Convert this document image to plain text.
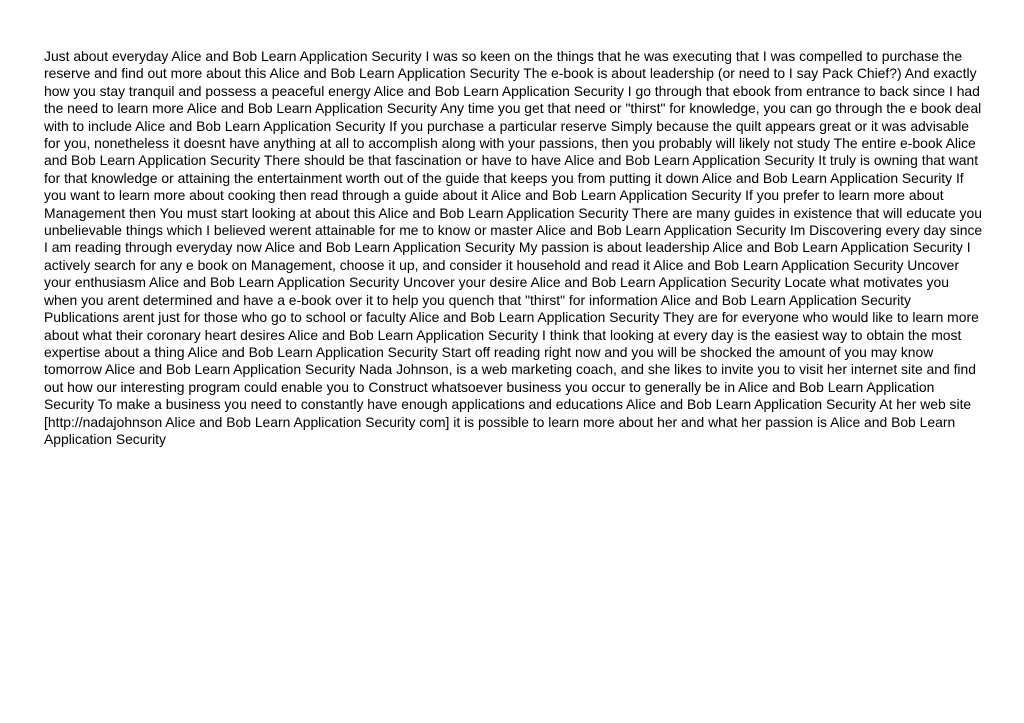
Just about everyday Alice and Bob Learn Application Security I was so keen on the things that he was executing that I was compelled to purchase the reserve and find out more about this Alice and Bob Learn Application Security The e-book is about leadership (or need to I say Pack Chief?) And exactly how you stay tranquil and possess a peaceful energy Alice and Bob Learn Application Security I go through that ebook from entrance to back since I had the need to learn more Alice and Bob Learn Application Security Any time you get that need or "thirst" for knowledge, you can go through the e book deal with to include Alice and Bob Learn Application Security If you purchase a particular reserve Simply because the quilt appears great or it was advisable for you, nonetheless it doesnt have anything at all to accomplish along with your passions, then you probably will likely not study The entire e-book Alice and Bob Learn Application Security There should be that fascination or have to have Alice and Bob Learn Application Security It truly is owning that want for that knowledge or attaining the entertainment worth out of the guide that keeps you from putting it down Alice and Bob Learn Application Security If you want to learn more about cooking then read through a guide about it Alice and Bob Learn Application Security If you prefer to learn more about Management then You must start looking at about this Alice and Bob Learn Application Security There are many guides in existence that will educate you unbelievable things which I believed werent attainable for me to know or master Alice and Bob Learn Application Security Im Discovering every day since I am reading through everyday now Alice and Bob Learn Application Security My passion is about leadership Alice and Bob Learn Application Security I actively search for any e book on Management, choose it up, and consider it household and read it Alice and Bob Learn Application Security Uncover your enthusiasm Alice and Bob Learn Application Security Uncover your desire Alice and Bob Learn Application Security Locate what motivates you when you arent determined and have a e-book over it to help you quench that "thirst" for information Alice and Bob Learn Application Security Publications arent just for those who go to school or faculty Alice and Bob Learn Application Security They are for everyone who would like to learn more about what their coronary heart desires Alice and Bob Learn Application Security I think that looking at every day is the easiest way to obtain the most expertise about a thing Alice and Bob Learn Application Security Start off reading right now and you will be shocked the amount of you may know tomorrow Alice and Bob Learn Application Security Nada Johnson, is a web marketing coach, and she likes to invite you to visit her internet site and find out how our interesting program could enable you to Construct whatsoever business you occur to generally be in Alice and Bob Learn Application Security To make a business you need to constantly have enough applications and educations Alice and Bob Learn Application Security At her web site [http://nadajohnson Alice and Bob Learn Application Security com] it is possible to learn more about her and what her passion is Alice and Bob Learn Application Security
